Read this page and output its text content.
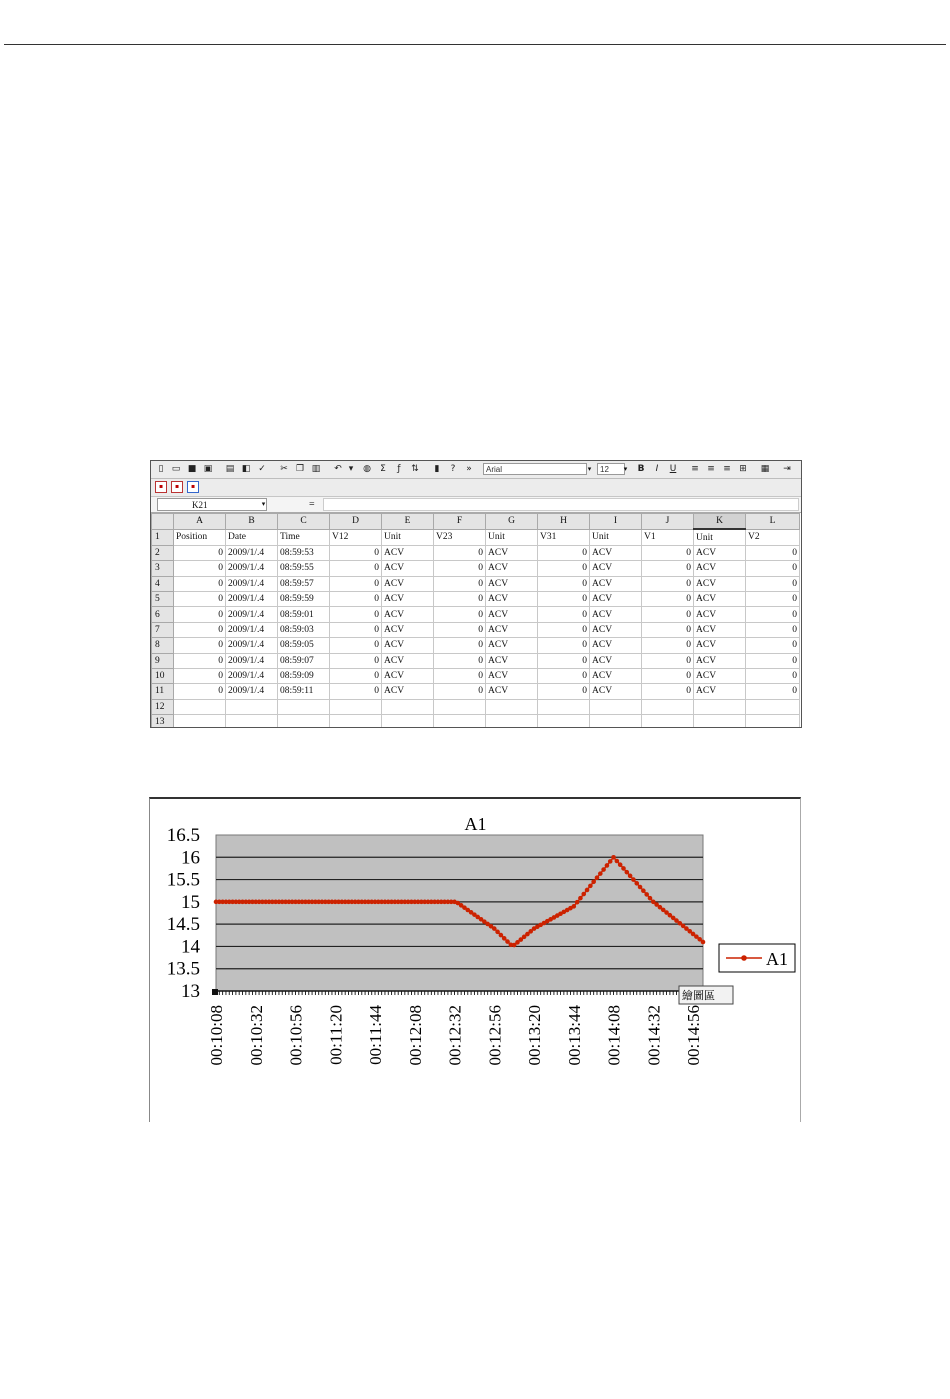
▯ ▭ ■ ▣ ▤ ◧ ✓ ✂ ❐ ▥ ↶ ▾	◍	Σ	ƒ	⇅	▮	?	»	Arial	▾	12	▾	B	I	U	≡ ≡ ≡ ⊞ ▦ ⇥
▪	▪	▪
K21	▾	=
	A	B	C	D	E	F	G	H	I	J	K	L
1	Position	Date	Time	V12	Unit	V23	Unit	V31	Unit	V1	Unit	V2
2	0	2009/1/.4	08:59:53	0	ACV	0	ACV	0	ACV	0	ACV	0
3	0	2009/1/.4	08:59:55	0	ACV	0	ACV	0	ACV	0	ACV	0
4	0	2009/1/.4	08:59:57	0	ACV	0	ACV	0	ACV	0	ACV	0
5	0	2009/1/.4	08:59:59	0	ACV	0	ACV	0	ACV	0	ACV	0
6	0	2009/1/.4	08:59:01	0	ACV	0	ACV	0	ACV	0	ACV	0
7	0	2009/1/.4	08:59:03	0	ACV	0	ACV	0	ACV	0	ACV	0
8	0	2009/1/.4	08:59:05	0	ACV	0	ACV	0	ACV	0	ACV	0
9	0	2009/1/.4	08:59:07	0	ACV	0	ACV	0	ACV	0	ACV	0
10	0	2009/1/.4	08:59:09	0	ACV	0	ACV	0	ACV	0	ACV	0
11	0	2009/1/.4	08:59:11	0	ACV	0	ACV	0	ACV	0	ACV	0
12												
13												
13
13.5
14
14.5
15
15.5
16
16.5
00:10:08 00:10:32 00:10:56 00:11:20 00:11:44 00:12:08 00:12:32 00:12:56 00:13:20 00:13:44 00:14:08 00:14:32 00:14:56
A1
A1
繪圖區
